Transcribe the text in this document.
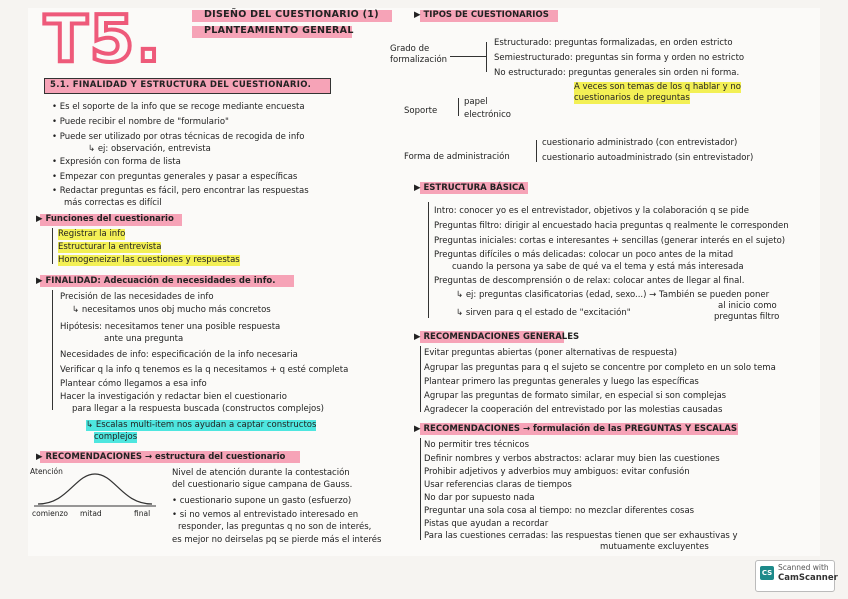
T5.	DISEÑO DEL CUESTIONARIO (1)
PLANTEAMIENTO GENERAL
5.1. FINALIDAD Y ESTRUCTURA DEL CUESTIONARIO.
• Es el soporte de la info que se recoge mediante encuesta
• Puede recibir el nombre de "formulario"
• Puede ser utilizado por otras técnicas de recogida de info
↳ ej: observación, entrevista
• Expresión con forma de lista
• Empezar con preguntas generales y pasar a específicas
• Redactar preguntas es fácil, pero encontrar las respuestas
más correctas es difícil
▶ Funciones del cuestionario
Registrar la info
Estructurar la entrevista
Homogeneizar las cuestiones y respuestas
▶ FINALIDAD: Adecuación de necesidades de info.
Precisión de las necesidades de info
↳ necesitamos unos obj mucho más concretos
Hipótesis: necesitamos tener una posible respuesta
ante una pregunta
Necesidades de info: especificación de la info necesaria
Verificar q la info q tenemos es la q necesitamos + q esté completa
Plantear cómo llegamos a esa info
Hacer la investigación y redactar bien el cuestionario
para llegar a la respuesta buscada (constructos complejos)
↳ Escalas multi-item nos ayudan a captar constructos
complejos
▶ RECOMENDACIONES → estructura del cuestionario
Atención
comienzo mitad	final
Nivel de atención durante la contestación
del cuestionario sigue campana de Gauss.
• cuestionario supone un gasto (esfuerzo)
• si no vemos al entrevistado interesado en
responder, las preguntas q no son de interés,
es mejor no deirselas pq se pierde más el interés
▶ TIPOS DE CUESTIONARIOS
Grado de formalización
Estructurado: preguntas formalizadas, en orden estricto
Semiestructurado: preguntas sin forma y orden no estricto
No estructurado: preguntas generales sin orden ni forma.
A veces son temas de los q hablar y no
cuestionarios de preguntas
Soporte
papel
electrónico
Forma de administración
cuestionario administrado (con entrevistador)
cuestionario autoadministrado (sin entrevistador)
▶ ESTRUCTURA BÁSICA
Intro: conocer yo es el entrevistador, objetivos y la colaboración q se pide
Preguntas filtro: dirigir al encuestado hacia preguntas q realmente le corresponden
Preguntas iniciales: cortas e interesantes + sencillas (generar interés en el sujeto)
Preguntas difíciles o más delicadas: colocar un poco antes de la mitad
cuando la persona ya sabe de qué va el tema y está más interesada
Preguntas de descomprensión o de relax: colocar antes de llegar al final.
↳ ej: preguntas clasificatorias (edad, sexo...) → También se pueden poner
al inicio como
preguntas filtro
↳ sirven para q el estado de "excitación"
▶ RECOMENDACIONES GENERALES
Evitar preguntas abiertas (poner alternativas de respuesta)
Agrupar las preguntas para q el sujeto se concentre por completo en un solo tema
Plantear primero las preguntas generales y luego las específicas
Agrupar las preguntas de formato similar, en especial si son complejas
Agradecer la cooperación del entrevistado por las molestias causadas
▶ RECOMENDACIONES → formulación de las PREGUNTAS Y ESCALAS
No permitir tres técnicos
Definir nombres y verbos abstractos: aclarar muy bien las cuestiones
Prohibir adjetivos y adverbios muy ambiguos: evitar confusión
Usar referencias claras de tiempos
No dar por supuesto nada
Preguntar una sola cosa al tiempo: no mezclar diferentes cosas
Pistas que ayudan a recordar
Para las cuestiones cerradas: las respuestas tienen que ser exhaustivas y
mutuamente excluyentes
CS
Scanned with
CamScanner
